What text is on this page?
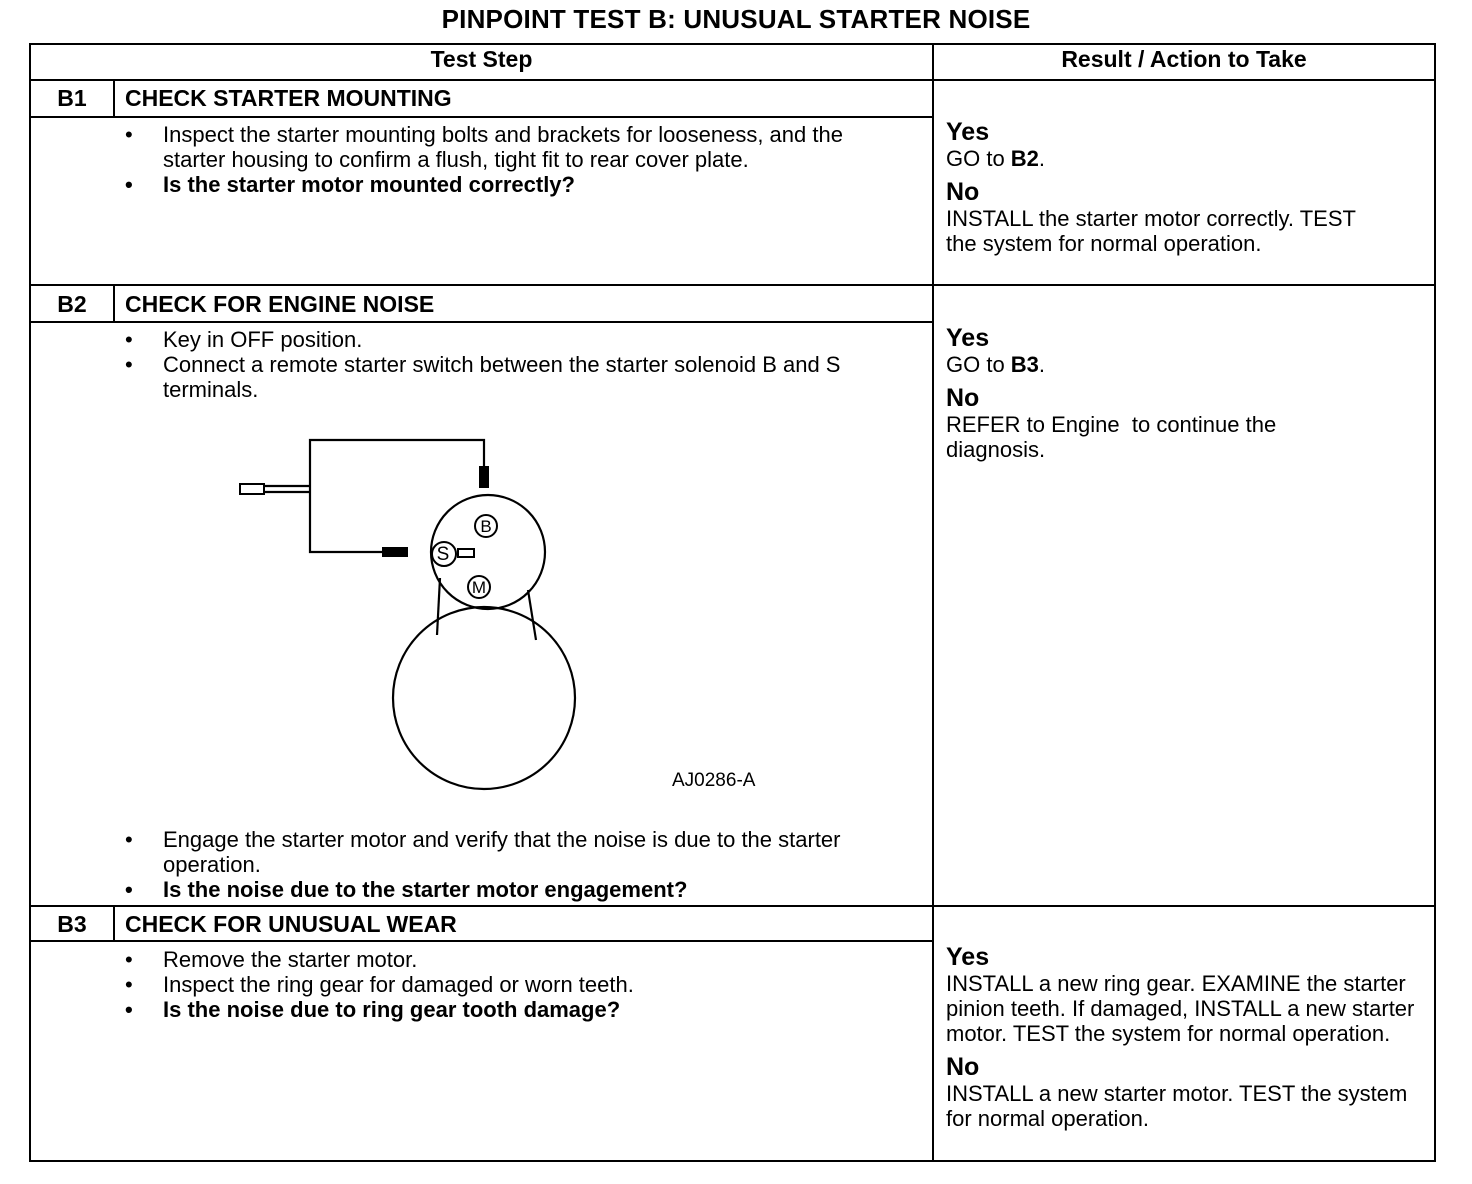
PINPOINT TEST B: UNUSUAL STARTER NOISE
Test Step	Result / Action to Take
B1	CHECK STARTER MOUNTING
• Inspect the starter mounting bolts and brackets for looseness, and the starter housing to confirm a flush, tight fit to rear cover plate.
• Is the starter motor mounted correctly?
Yes
GO to B2.
No
INSTALL the starter motor correctly. TEST the system for normal operation.
B2	CHECK FOR ENGINE NOISE
• Key in OFF position.
• Connect a remote starter switch between the starter solenoid B and S terminals.
B
S
M
AJ0286-A
• Engage the starter motor and verify that the noise is due to the starter operation.
• Is the noise due to the starter motor engagement?
Yes
GO to B3.
No
REFER to Engine  to continue the diagnosis.
B3	CHECK FOR UNUSUAL WEAR
• Remove the starter motor.
• Inspect the ring gear for damaged or worn teeth.
• Is the noise due to ring gear tooth damage?
Yes
INSTALL a new ring gear. EXAMINE the starter pinion teeth. If damaged, INSTALL a new starter motor. TEST the system for normal operation.
No
INSTALL a new starter motor. TEST the system for normal operation.
